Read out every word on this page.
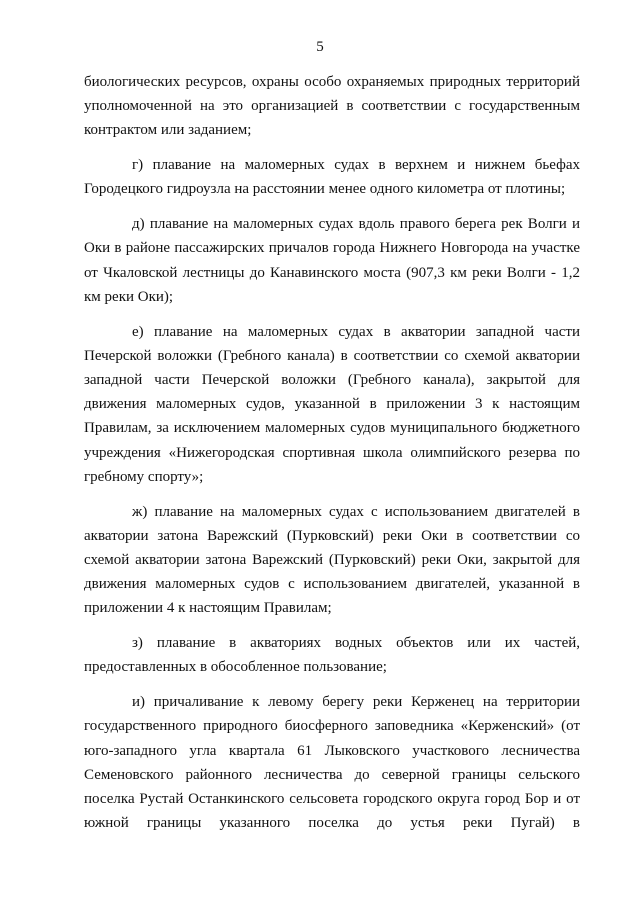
5

биологических ресурсов, охраны особо охраняемых природных территорий уполномоченной на это организацией в соответствии с государственным контрактом или заданием;

г) плавание на маломерных судах в верхнем и нижнем бьефах Городецкого гидроузла на расстоянии менее одного километра от плотины;

д) плавание на маломерных судах вдоль правого берега рек Волги и Оки в районе пассажирских причалов города Нижнего Новгорода на участке от Чкаловской лестницы до Канавинского моста (907,3 км реки Волги - 1,2 км реки Оки);

е) плавание на маломерных судах в акватории западной части Печерской воложки (Гребного канала) в соответствии со схемой акватории западной части Печерской воложки (Гребного канала), закрытой для движения маломерных судов, указанной в приложении 3 к настоящим Правилам, за исключением маломерных судов муниципального бюджетного учреждения «Нижегородская спортивная школа олимпийского резерва по гребному спорту»;

ж) плавание на маломерных судах с использованием двигателей в акватории затона Варежский (Пурковский) реки Оки в соответствии со схемой акватории затона Варежский (Пурковский) реки Оки, закрытой для движения маломерных судов с использованием двигателей, указанной в приложении 4 к настоящим Правилам;

з) плавание в акваториях водных объектов или их частей, предоставленных в обособленное пользование;

и) причаливание к левому берегу реки Керженец на территории государственного природного биосферного заповедника «Керженский» (от юго-западного угла квартала 61 Лыковского участкового лесничества Семеновского районного лесничества до северной границы сельского поселка Рустай Останкинского сельсовета городского округа город Бор и от южной границы указанного поселка до устья реки Пугай) в
